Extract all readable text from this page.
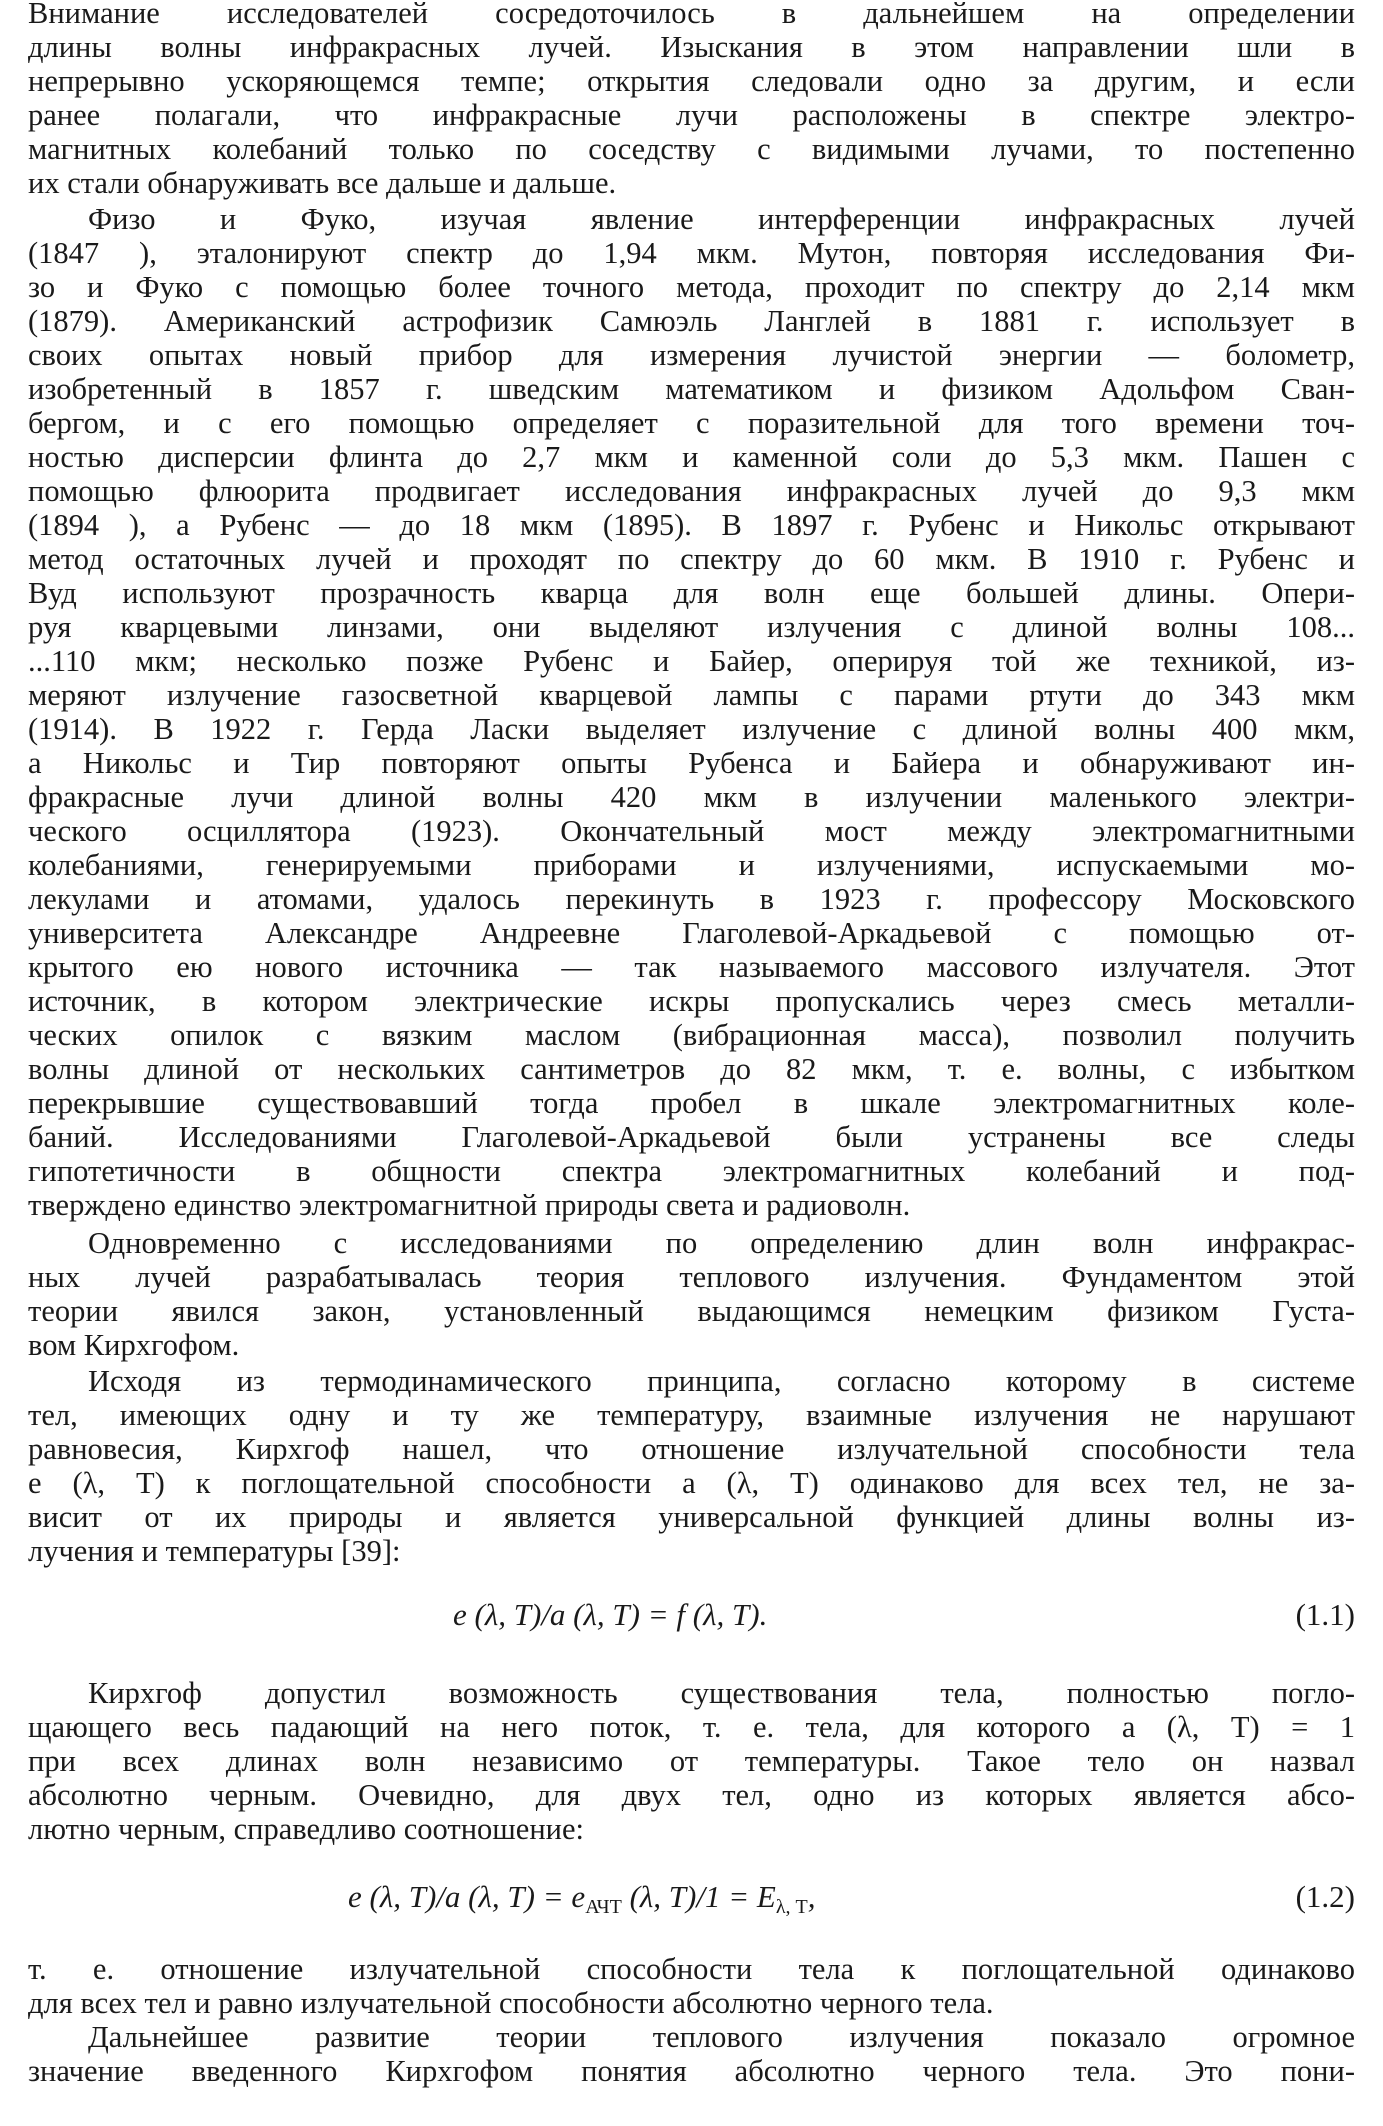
Внимание исследователей сосредоточилось в дальнейшем на определении
длины волны инфракрасных лучей. Изыскания в этом направлении шли в
непрерывно ускоряющемся темпе; открытия следовали одно за другим, и если
ранее полагали, что инфракрасные лучи расположены в спектре электро-
магнитных колебаний только по соседству с видимыми лучами, то постепенно
их стали обнаруживать все дальше и дальше.
Физо и Фуко, изучая явление интерференции инфракрасных лучей
(1847 ), эталонируют спектр до 1,94 мкм. Мутон, повторяя исследования Фи-
зо и Фуко с помощью более точного метода, проходит по спектру до 2,14 мкм
(1879). Американский астрофизик Самюэль Ланглей в 1881 г. использует в
своих опытах новый прибор для измерения лучистой энергии — болометр,
изобретенный в 1857 г. шведским математиком и физиком Адольфом Сван-
бергом, и с его помощью определяет с поразительной для того времени точ-
ностью дисперсии флинта до 2,7 мкм и каменной соли до 5,3 мкм. Пашен с
помощью флюорита продвигает исследования инфракрасных лучей до 9,3 мкм
(1894 ), а Рубенс — до 18 мкм (1895). В 1897 г. Рубенс и Никольс открывают
метод остаточных лучей и проходят по спектру до 60 мкм. В 1910 г. Рубенс и
Вуд используют прозрачность кварца для волн еще большей длины. Опери-
руя кварцевыми линзами, они выделяют излучения с длиной волны 108...
...110 мкм; несколько позже Рубенс и Байер, оперируя той же техникой, из-
меряют излучение газосветной кварцевой лампы с парами ртути до 343 мкм
(1914). В 1922 г. Герда Ласки выделяет излучение с длиной волны 400 мкм,
а Никольс и Тир повторяют опыты Рубенса и Байера и обнаруживают ин-
фракрасные лучи длиной волны 420 мкм в излучении маленького электри-
ческого осциллятора (1923). Окончательный мост между электромагнитными
колебаниями, генерируемыми приборами и излучениями, испускаемыми мо-
лекулами и атомами, удалось перекинуть в 1923 г. профессору Московского
университета Александре Андреевне Глаголевой-Аркадьевой с помощью от-
крытого ею нового источника — так называемого массового излучателя. Этот
источник, в котором электрические искры пропускались через смесь металли-
ческих опилок с вязким маслом (вибрационная масса), позволил получить
волны длиной от нескольких сантиметров до 82 мкм, т. е. волны, с избытком
перекрывшие существовавший тогда пробел в шкале электромагнитных коле-
баний. Исследованиями Глаголевой-Аркадьевой были устранены все следы
гипотетичности в общности спектра электромагнитных колебаний и под-
тверждено единство электромагнитной природы света и радиоволн.
Одновременно с исследованиями по определению длин волн инфракрас-
ных лучей разрабатывалась теория теплового излучения. Фундаментом этой
теории явился закон, установленный выдающимся немецким физиком Густа-
вом Кирхгофом.
Исходя из термодинамического принципа, согласно которому в системе
тел, имеющих одну и ту же температуру, взаимные излучения не нарушают
равновесия, Кирхгоф нашел, что отношение излучательной способности тела
e (λ, T) к поглощательной способности a (λ, T) одинаково для всех тел, не за-
висит от их природы и является универсальной функцией длины волны из-
лучения и температуры [39]:
e (λ, T)/a (λ, T) = f (λ, T).	(1.1)
Кирхгоф допустил возможность существования тела, полностью погло-
щающего весь падающий на него поток, т. е. тела, для которого a (λ, T) = 1
при всех длинах волн независимо от температуры. Такое тело он назвал
абсолютно черным. Очевидно, для двух тел, одно из которых является абсо-
лютно черным, справедливо соотношение:
e (λ, T)/a (λ, $T) = e_{АЧТ}$ (λ, $T)/1 = E_{\lambda, T}$,	(1.2)
т. е. отношение излучательной способности тела к поглощательной одинаково
для всех тел и равно излучательной способности абсолютно черного тела.
Дальнейшее развитие теории теплового излучения показало огромное
значение введенного Кирхгофом понятия абсолютно черного тела. Это пони-
